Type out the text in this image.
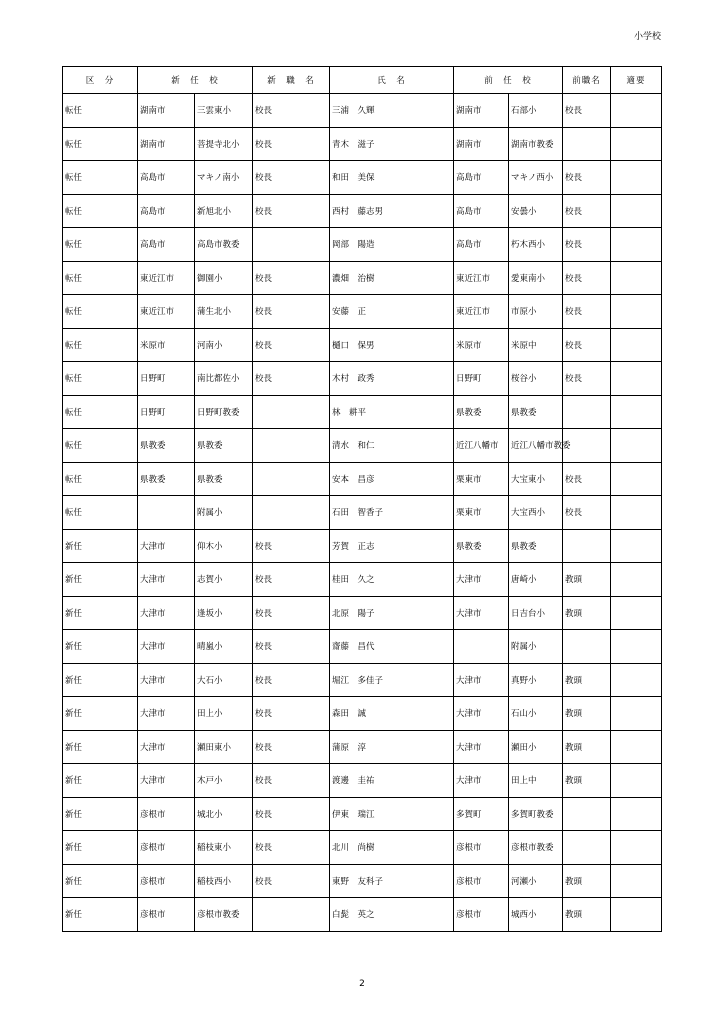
小学校
区　分	新　任　校		新　職　名	氏　名	前　任　校		前職名	適要
転任	湖南市	三雲東小	校長	三浦　久輝	湖南市	石部小	校長	
転任	湖南市	菩提寺北小	校長	青木　滋子	湖南市	湖南市教委		
転任	高島市	マキノ南小	校長	和田　美保	高島市	マキノ西小	校長	
転任	高島市	新旭北小	校長	西村　藤志男	高島市	安曇小	校長	
転任	高島市	高島市教委		岡部　陽造	高島市	朽木西小	校長	
転任	東近江市	御園小	校長	濃畑　治樹	東近江市	愛東南小	校長	
転任	東近江市	蒲生北小	校長	安藤　正	東近江市	市原小	校長	
転任	米原市	河南小	校長	樋口　保男	米原市	米原中	校長	
転任	日野町	南比都佐小	校長	木村　政秀	日野町	桜谷小	校長	
転任	日野町	日野町教委		林　耕平	県教委	県教委		
転任	県教委	県教委		清水　和仁	近江八幡市	近江八幡市教委		
転任	県教委	県教委		安本　昌彦	栗東市	大宝東小	校長	
転任		附属小		石田　智香子	栗東市	大宝西小	校長	
新任	大津市	仰木小	校長	芳賀　正志	県教委	県教委		
新任	大津市	志賀小	校長	桂田　久之	大津市	唐崎小	教頭	
新任	大津市	逢坂小	校長	北原　陽子	大津市	日吉台小	教頭	
新任	大津市	晴嵐小	校長	齋藤　昌代		附属小		
新任	大津市	大石小	校長	堀江　多佳子	大津市	真野小	教頭	
新任	大津市	田上小	校長	森田　誠	大津市	石山小	教頭	
新任	大津市	瀬田東小	校長	蒲原　淳	大津市	瀬田小	教頭	
新任	大津市	木戸小	校長	渡邊　圭祐	大津市	田上中	教頭	
新任	彦根市	城北小	校長	伊東　瑞江	多賀町	多賀町教委		
新任	彦根市	稲枝東小	校長	北川　尚樹	彦根市	彦根市教委		
新任	彦根市	稲枝西小	校長	東野　友科子	彦根市	河瀬小	教頭	
新任	彦根市	彦根市教委		白髭　英之	彦根市	城西小	教頭	
2
